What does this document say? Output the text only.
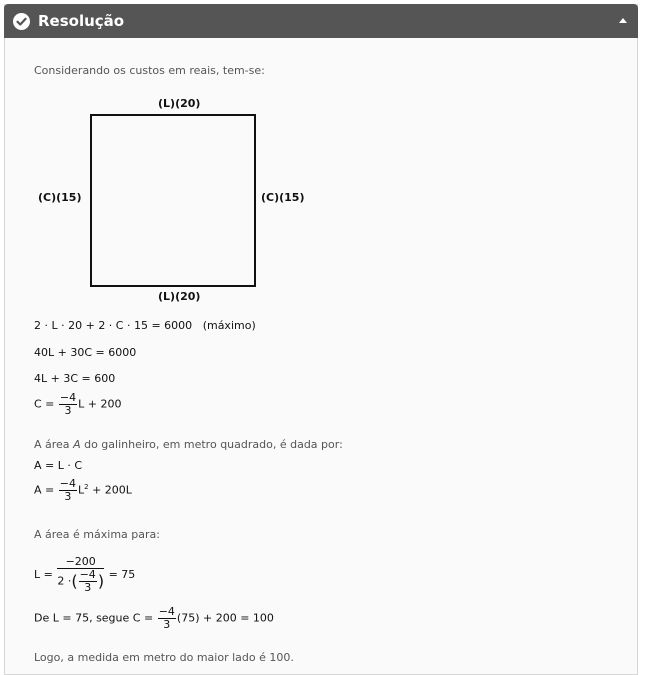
Resolução
Considerando os custos em reais, tem-se:
(L)(20)
(C)(15)	(C)(15)
(L)(20)
2 · L · 20 + 2 · C · 15 = 6000 (máximo)
40L + 30C = 6000
4L + 3C = 600
$C = \frac{-4}{3}$ L + 200
A área A do galinheiro, em metro quadrado, é dada por:
A = L · C
$A = \frac{-4}{3} L^2 + 200L$
A área é máxima para:
$L = \frac{-200}{2 \cdot( \frac{-4}{3} )} = 75$
De L = 75, segue $C = \frac{-4}{3} (75) + 200 = 100$
Logo, a medida em metro do maior lado é 100.
